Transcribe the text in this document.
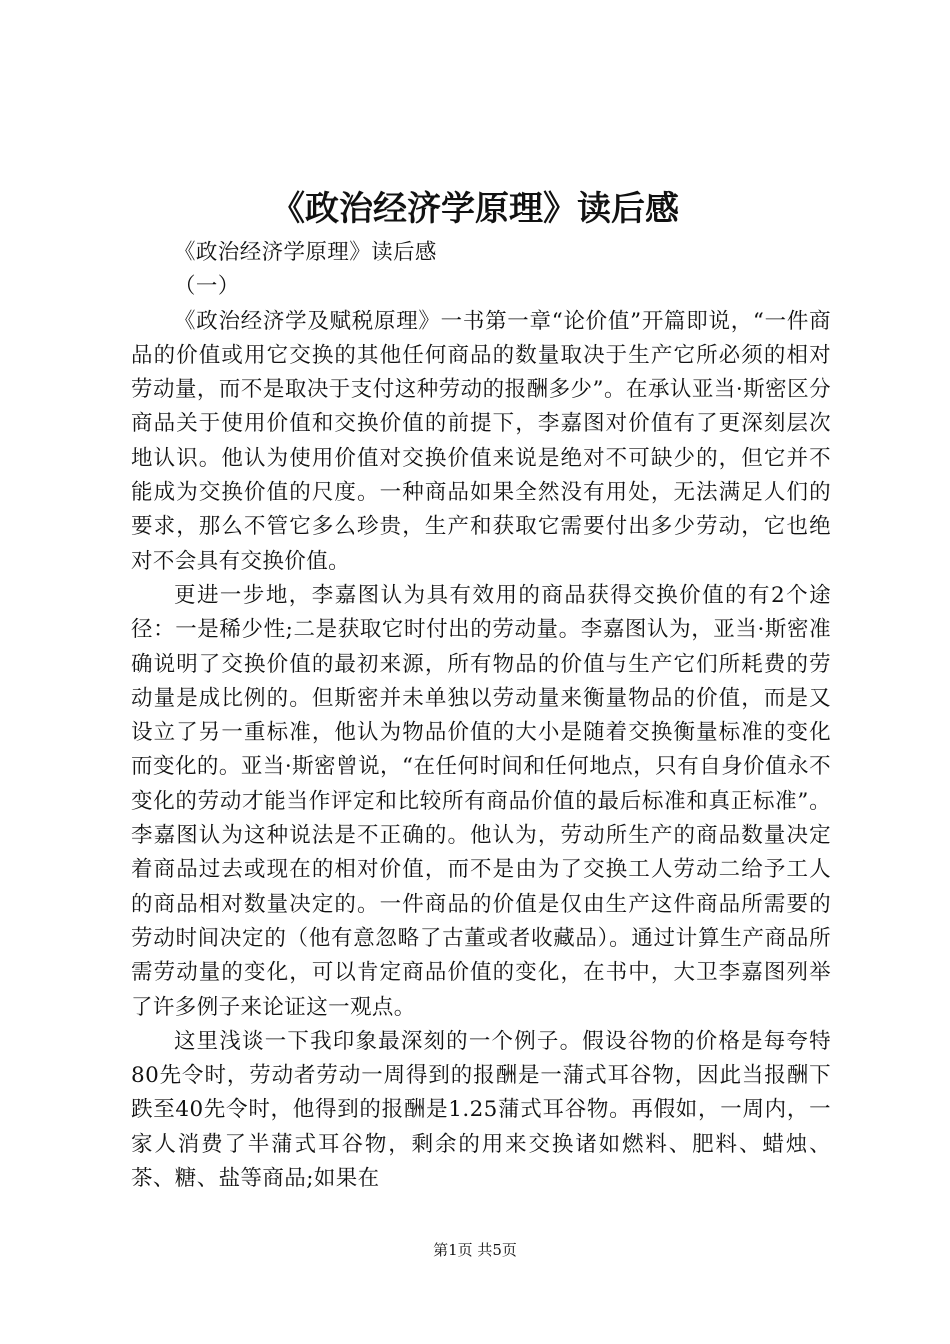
《政治经济学原理》读后感

《政治经济学原理》读后感

（一）

《政治经济学及赋税原理》一书第一章“论价值”开篇即说，“一件商品的价值或用它交换的其他任何商品的数量取决于生产它所必须的相对劳动量，而不是取决于支付这种劳动的报酬多少”。在承认亚当·斯密区分商品关于使用价值和交换价值的前提下，李嘉图对价值有了更深刻层次地认识。他认为使用价值对交换价值来说是绝对不可缺少的，但它并不能成为交换价值的尺度。一种商品如果全然没有用处，无法满足人们的要求，那么不管它多么珍贵，生产和获取它需要付出多少劳动，它也绝对不会具有交换价值。

更进一步地，李嘉图认为具有效用的商品获得交换价值的有2个途径：一是稀少性;二是获取它时付出的劳动量。李嘉图认为，亚当·斯密准确说明了交换价值的最初来源，所有物品的价值与生产它们所耗费的劳动量是成比例的。但斯密并未单独以劳动量来衡量物品的价值，而是又设立了另一重标准，他认为物品价值的大小是随着交换衡量标准的变化而变化的。亚当·斯密曾说，“在任何时间和任何地点，只有自身价值永不变化的劳动才能当作评定和比较所有商品价值的最后标准和真正标准”。李嘉图认为这种说法是不正确的。他认为，劳动所生产的商品数量决定着商品过去或现在的相对价值，而不是由为了交换工人劳动二给予工人的商品相对数量决定的。一件商品的价值是仅由生产这件商品所需要的劳动时间决定的（他有意忽略了古董或者收藏品）。通过计算生产商品所需劳动量的变化，可以肯定商品价值的变化，在书中，大卫李嘉图列举了许多例子来论证这一观点。

这里浅谈一下我印象最深刻的一个例子。假设谷物的价格是每夸特80先令时，劳动者劳动一周得到的报酬是一蒲式耳谷物，因此当报酬下跌至40先令时，他得到的报酬是1.25蒲式耳谷物。再假如，一周内，一家人消费了半蒲式耳谷物，剩余的用来交换诸如燃料、肥料、蜡烛、茶、糖、盐等商品;如果在

第1页 共5页
